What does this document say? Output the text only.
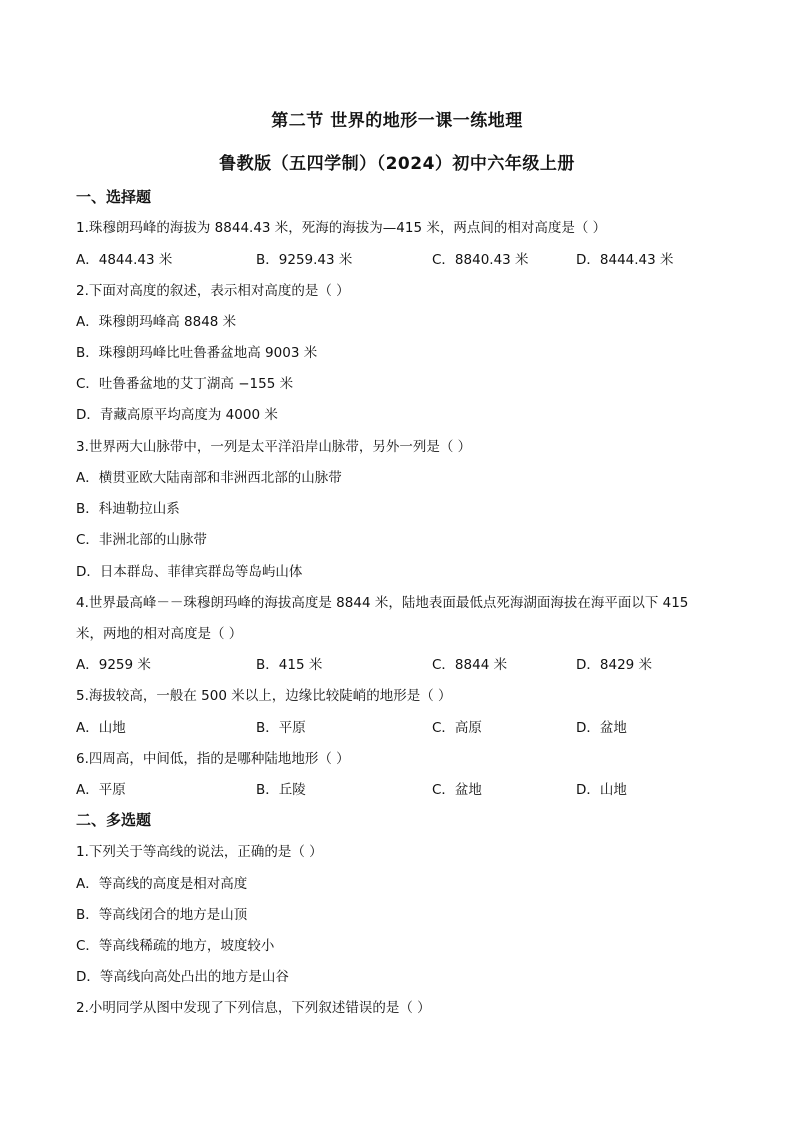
第二节 世界的地形一课一练地理
鲁教版（五四学制）（2024）初中六年级上册
一、选择题
1.珠穆朗玛峰的海拔为 8844.43 米，死海的海拔为—415 米，两点间的相对高度是（ ）
A．4844.43 米	B．9259.43 米	C．8840.43 米	D．8444.43 米
2.下面对高度的叙述，表示相对高度的是（ ）
A．珠穆朗玛峰高 8848 米
B．珠穆朗玛峰比吐鲁番盆地高 9003 米
C．吐鲁番盆地的艾丁湖高 −155 米
D．青藏高原平均高度为 4000 米
3.世界两大山脉带中，一列是太平洋沿岸山脉带，另外一列是（ ）
A．横贯亚欧大陆南部和非洲西北部的山脉带
B．科迪勒拉山系
C．非洲北部的山脉带
D．日本群岛、菲律宾群岛等岛屿山体
4.世界最高峰－－珠穆朗玛峰的海拔高度是 8844 米，陆地表面最低点死海湖面海拔在海平面以下 415
米，两地的相对高度是（ ）
A．9259 米	B．415 米	C．8844 米	D．8429 米
5.海拔较高，一般在 500 米以上，边缘比较陡峭的地形是（ ）
A．山地	B．平原	C．高原	D．盆地
6.四周高，中间低，指的是哪种陆地地形（ ）
A．平原	B．丘陵	C．盆地	D．山地
二、多选题
1.下列关于等高线的说法，正确的是（ ）
A．等高线的高度是相对高度
B．等高线闭合的地方是山顶
C．等高线稀疏的地方，坡度较小
D．等高线向高处凸出的地方是山谷
2.小明同学从图中发现了下列信息，下列叙述错误的是（ ）
